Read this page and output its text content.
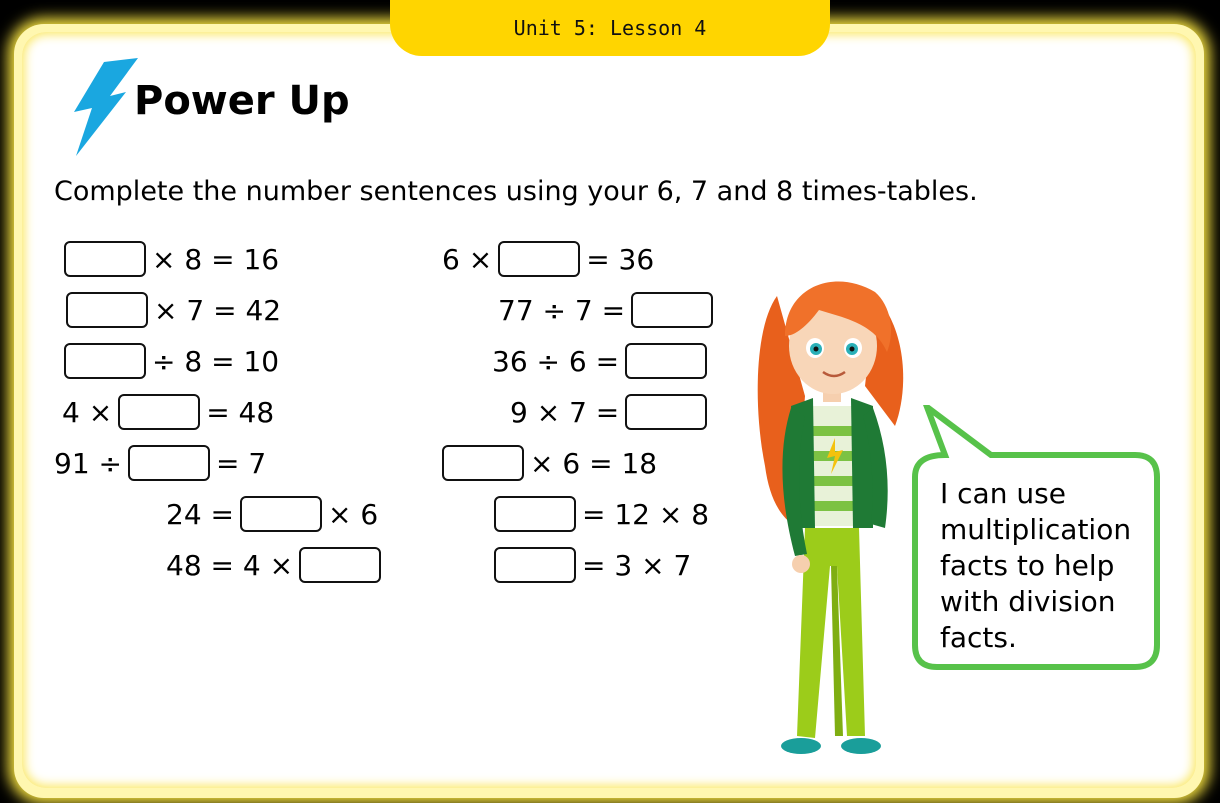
Unit 5: Lesson 4
Power Up

Complete the number sentences using your 6, 7 and 8 times-tables.

× 8 = 16
× 7 = 42
÷ 8 = 10
4 ×	= 48
91 ÷	= 7
24 =	× 6
48 = 4 ×
6 ×	= 36
77 ÷ 7 =
36 ÷ 6 =
9 × 7 =
× 6 = 18
= 12 × 8
= 3 × 7

I can use multiplication facts to help with division facts.
